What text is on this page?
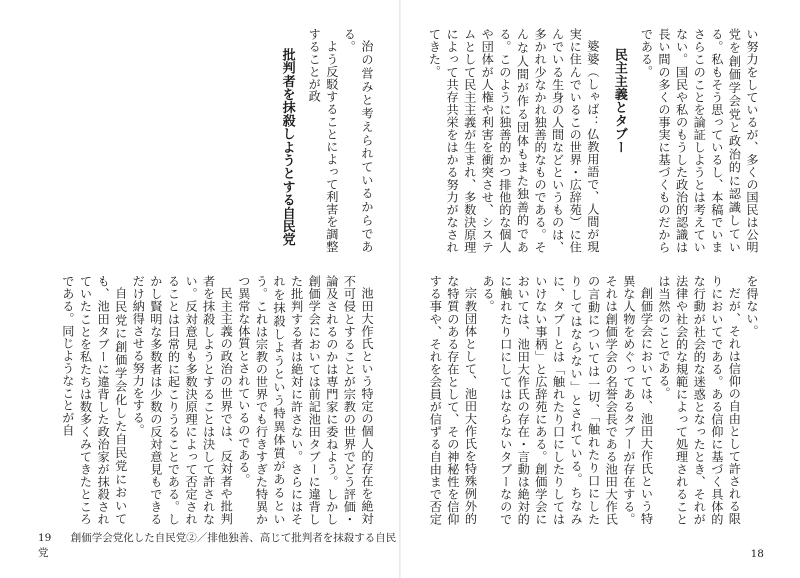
治の営みと考えられているからである。

よう反駁することによって利害を調整することが政

批判者を抹殺しようとする自民党

池田大作氏という特定の個人的存在を絶対不可侵とすることが宗教の世界でどう評価・論及されるのかは専門家に委ねよう。しかし創価学会においては前記池田タブーに違背した批判する者は絶対に許さない。さらにはそれを抹殺しようという特異体質があるという。これは宗教の世界でも行きすぎた特異かつ異常な体質とされているのである。

民主主義の政治の世界では、反対者や批判者を抹殺しようとすることは決して許されない。反対意見も多数決原理によって否定されることは日常的に起こりうることである。しかし賢明な多数者は少数の反対意見もできるだけ納得させる努力をする。

自民党に創価学会化した自民党においても、池田タブーに違背した政治家が抹殺されていたことを私たちは数多くみてきたところである。同じようなことが自

19 創価学会党化した自民党②／排他独善、高じて批判者を抹殺する自民党

い努力をしているが、多くの国民は公明党を創価学会党と政治的に認識している。私もそう思っているし、本稿でいまさらこのことを論証しようとは考えていない。国民や私のもうした政治的認識は長い間の多くの事実に基づくものだからである。

民主主義とタブー

婆婆（しゃば：仏教用語で、人間が現実に住んでいるこの世界・広辞苑）に住んでいる生身の人間などというものは、多かれ少なかれ独善的なものである。そんな人間が作る団体もまた独善的である。このように独善的かつ排他的な個人や団体が人権や利害を衝突させ、システムとして民主主義が生まれ、多数決原理によって共存共栄をはかる努力がなされてきた。

を得ない。

だが、それは信仰の自由として許される限りにおいてである。ある信仰に基づく具体的な行動が社会的な迷惑となったとき、それが法律や社会的な規範によって処理されることは当然のことである。

創価学会においては、池田大作氏という特異な人物をめぐってあるタブーが存在する。それは創価学会の名誉会長である池田大作氏の言動については一切、「触れたり口にしたりしてはならない」とされている。ちなみに、タブーとは「触れたり口にしたりしてはいけない事柄」と広辞苑にある。創価学会においては、池田大作氏の存在・言動は絶対的に触れたり口にしてはならないタブーなのである。

宗教団体として、池田大作氏を特殊例外的な特質のある存在として、その神秘性を信仰する事や、それを会員が信ずる自由まで否定

18
